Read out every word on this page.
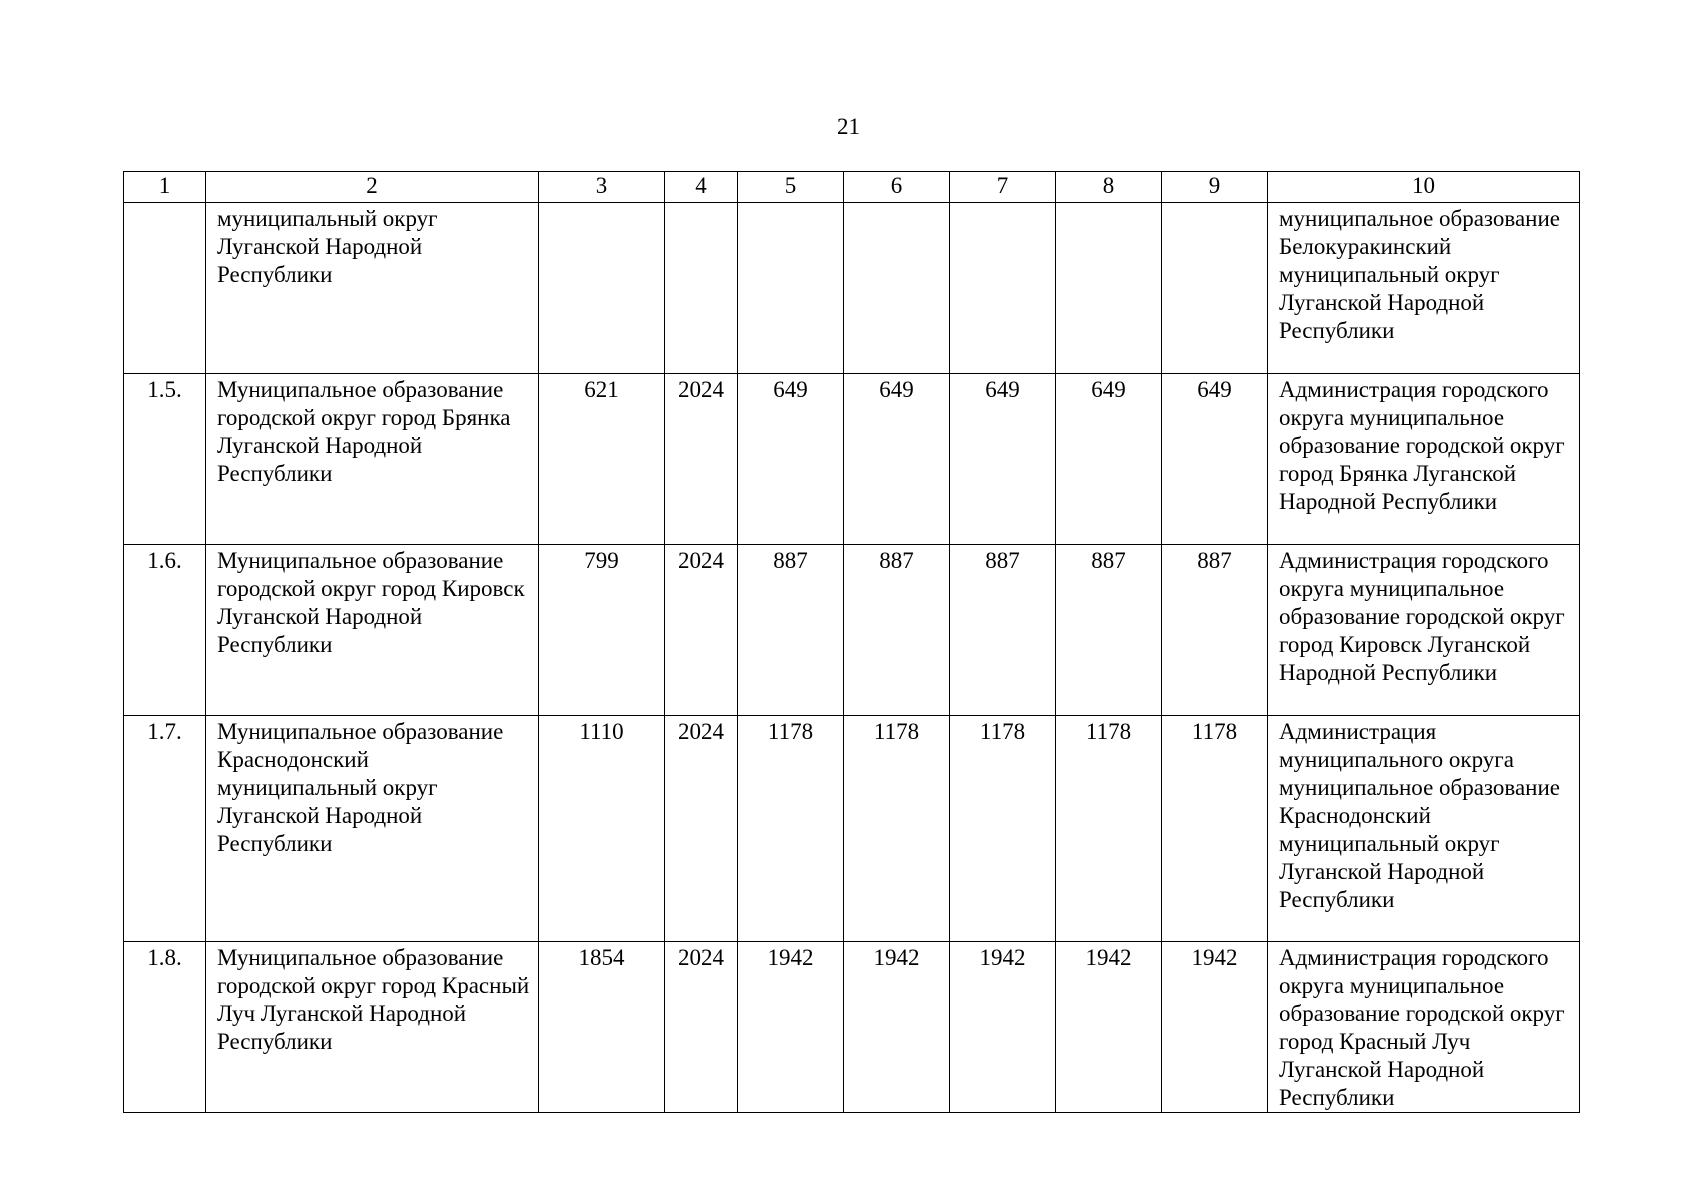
21
1	2	3	4	5	6	7	8	9	10
	муниципальный округ Луганской Народной Республики								муниципальное образование Белокуракинский муниципальный округ Луганской Народной Республики
1.5.	Муниципальное образование городской округ город Брянка Луганской Народной Республики	621	2024	649	649	649	649	649	Администрация городского округа муниципальное образование городской округ город Брянка Луганской Народной Республики
1.6.	Муниципальное образование городской округ город Кировск Луганской Народной Республики	799	2024	887	887	887	887	887	Администрация городского округа муниципальное образование городской округ город Кировск Луганской Народной Республики
1.7.	Муниципальное образование Краснодонский муниципальный округ Луганской Народной Республики	1110	2024	1178	1178	1178	1178	1178	Администрация муниципального округа муниципальное образование Краснодонский муниципальный округ Луганской Народной Республики
1.8.	Муниципальное образование городской округ город Красный Луч Луганской Народной Республики	1854	2024	1942	1942	1942	1942	1942	Администрация городского округа муниципальное образование городской округ город Красный Луч Луганской Народной Республики
